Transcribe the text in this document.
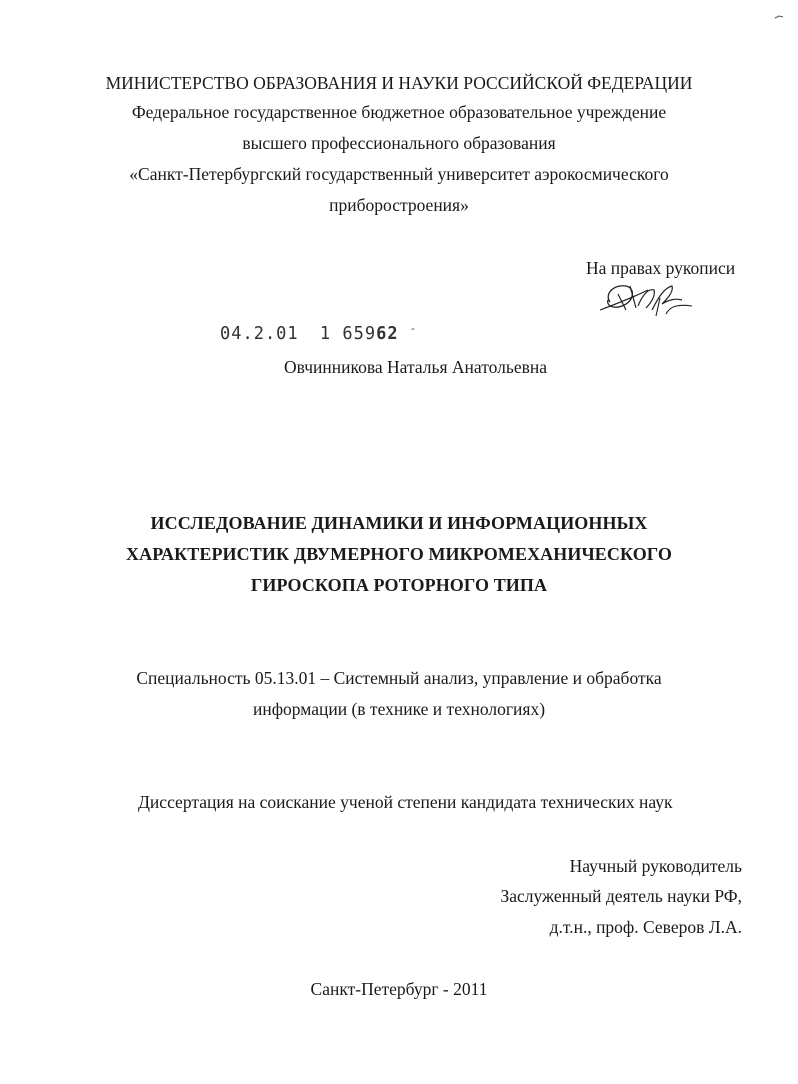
МИНИСТЕРСТВО ОБРАЗОВАНИЯ И НАУКИ РОССИЙСКОЙ ФЕДЕРАЦИИ
Федеральное государственное бюджетное образовательное учреждение
высшего профессионального образования
«Санкт-Петербургский государственный университет аэрокосмического
приборостроения»
На правах рукописи
04.2.01 1 65962 -
Овчинникова Наталья Анатольевна
ИССЛЕДОВАНИЕ ДИНАМИКИ И ИНФОРМАЦИОННЫХ
ХАРАКТЕРИСТИК ДВУМЕРНОГО МИКРОМЕХАНИЧЕСКОГО
ГИРОСКОПА РОТОРНОГО ТИПА
Специальность 05.13.01 – Системный анализ, управление и обработка
информации (в технике и технологиях)
Диссертация на соискание ученой степени кандидата технических наук
Научный руководитель
Заслуженный деятель науки РФ,
д.т.н., проф. Северов Л.А.
Санкт-Петербург - 2011
